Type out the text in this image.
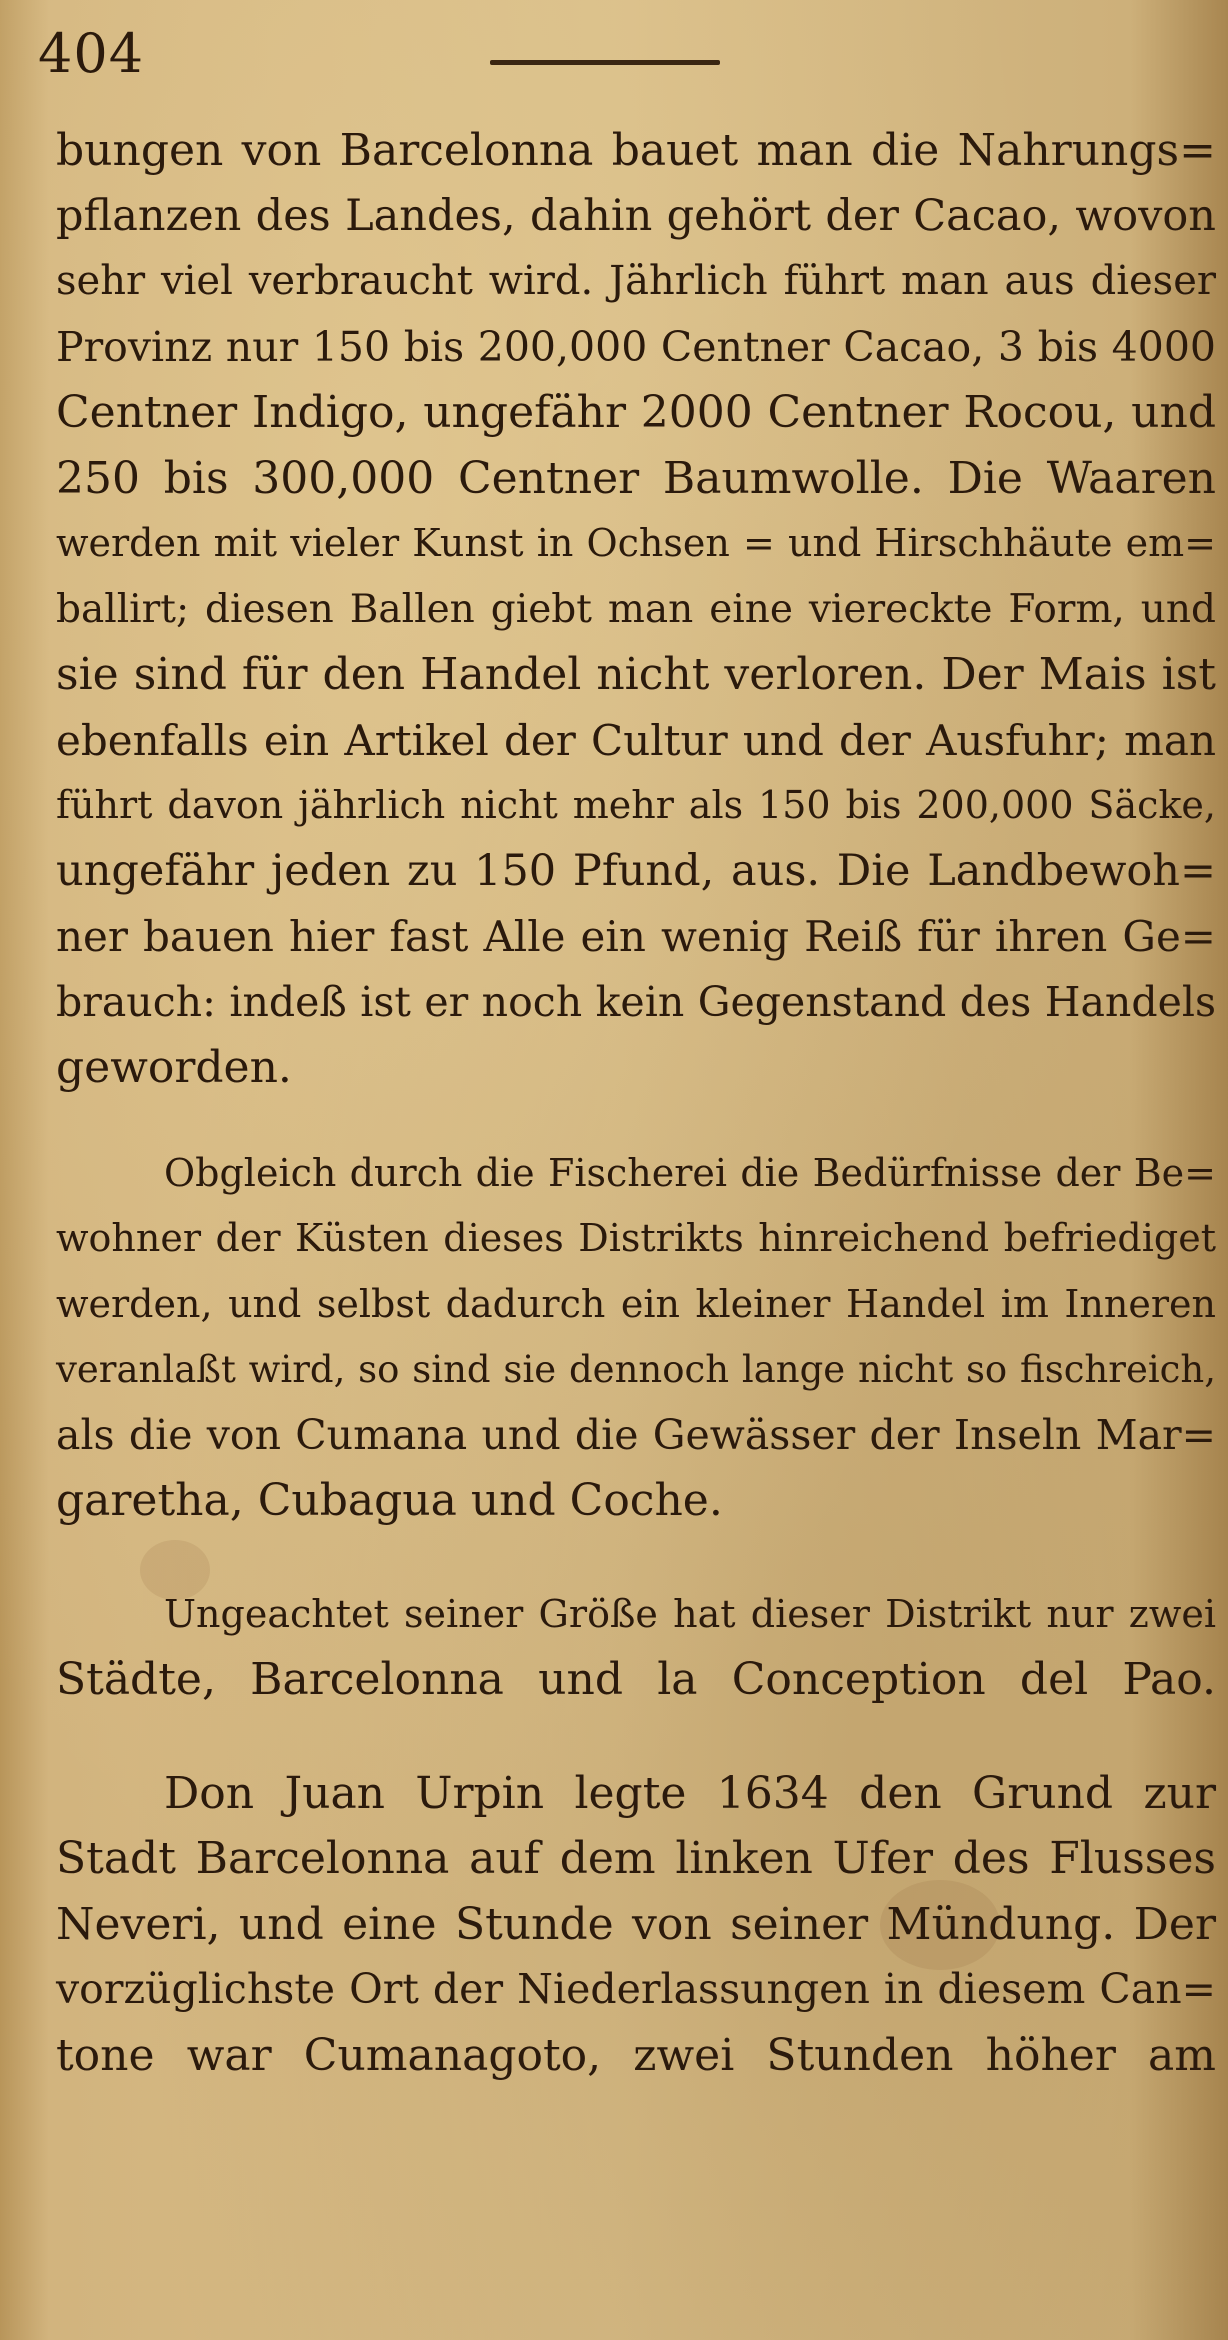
404
bungen von Barcelonna bauet man die Nahrungs=
pflanzen des Landes, dahin gehört der Cacao, wovon
sehr viel verbraucht wird. Jährlich führt man aus dieser
Provinz nur 150 bis 200,000 Centner Cacao, 3 bis 4000
Centner Indigo, ungefähr 2000 Centner Rocou, und
250 bis 300,000 Centner Baumwolle. Die Waaren
werden mit vieler Kunst in Ochsen = und Hirschhäute em=
ballirt; diesen Ballen giebt man eine viereckte Form, und
sie sind für den Handel nicht verloren. Der Mais ist
ebenfalls ein Artikel der Cultur und der Ausfuhr; man
führt davon jährlich nicht mehr als 150 bis 200,000 Säcke,
ungefähr jeden zu 150 Pfund, aus. Die Landbewoh=
ner bauen hier fast Alle ein wenig Reiß für ihren Ge=
brauch: indeß ist er noch kein Gegenstand des Handels
geworden.
Obgleich durch die Fischerei die Bedürfnisse der Be=
wohner der Küsten dieses Distrikts hinreichend befriediget
werden, und selbst dadurch ein kleiner Handel im Inneren
veranlaßt wird, so sind sie dennoch lange nicht so fischreich,
als die von Cumana und die Gewässer der Inseln Mar=
garetha, Cubagua und Coche.
Ungeachtet seiner Größe hat dieser Distrikt nur zwei
Städte, Barcelonna und la Conception del Pao.
Don Juan Urpin legte 1634 den Grund zur
Stadt Barcelonna auf dem linken Ufer des Flusses
Neveri, und eine Stunde von seiner Mündung. Der
vorzüglichste Ort der Niederlassungen in diesem Can=
tone war Cumanagoto, zwei Stunden höher am
